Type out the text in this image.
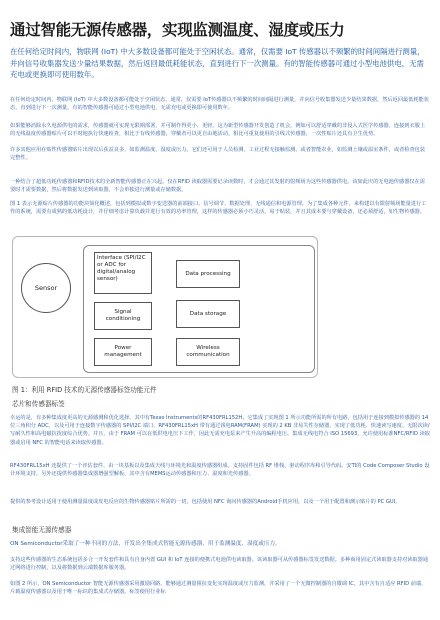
通过智能无源传感器，实现监测温度、湿度或压力

在任何给定时间内，物联网 (IoT) 中大多数设备都可能处于空闲状态。通常，仅需要 IoT 传感器以不频繁的时间间隔进行测量，并向信号收集器发送少量结果数据，然后返回最低耗能状态，直到进行下一次测量。有的智能传感器可通过小型电池供电，无需充电或更换即可使用数年。

在任何给定时间内，物联网 (IoT) 中大多数设备都可能处于空闲状态。通常，仅需要 IoT传感器以不频繁的时间间隔进行测量，并向信号收集器发送少量结果数据，然后返回最低耗能状态，直到进行下一次测量。有的智能传感器可通过小型电池供电，无需充电或更换即可使用数年。

如果能够消除永久电源供电的需求，传感器就可实现无限期部署，并可制作得更小、更轻。这为新型传感器开发创造了机会，例如可以舒适穿戴的非侵入式医学传感器。连接到衣服上的无线温度传感器贴片可以不时地执行快速检查，相比于有线传感器，穿戴者可以更自由地活动。相比可重复使用的引线式传感器，一次性贴片还具有卫生优势。

许多其他应用在贴性传感器贴片出现以后获益良多，如监测温度、湿度或压力。它们还可用于人员检测、工业过程无接触监测、或者智能农业，如监测土壤或温室条件，或者检查包装完整性。

一种结合了超低功耗传感器和RFID技术的全新智能传感器正在兴起。仅在RFID 读取器需要记录读数时，才会通过其发射的射频场为这些传感器供电。该如此庆的无电池传感器仅在需要时才需要数据，然后将数据发送到读取器，不会单独进行测量或存储数据。

图 1 表示无源贴片传感器的功能块简化概述，包括到模拟或数字变送器的前端接口、信号调节、数据处理、无线通信和电源管理。为了集成各种元件，来构建以有限射频场能量进行工作的系统，需要有成熟的低功耗设计，并仔细考虑计算负载并进行有效的功率管理。这样的传感器必须小巧灵活，易于贴装，并且其成本要与穿戴设备，还必须舒适，如生物传感器。

Sensor
Interface (SPI/I2C or ADC for digital/analog sensor)
Signal conditioning
Power management
Data processing
Data storage
Wireless communication
图 1：利用 RFID 技术的无源传感器标签功能元件
芯片和传感器标签

幸运的是，有多种集成度更高的无源感测和优化选择。其中有Texas Instruments的RF430FRL152H，它集成了实现图 1 所示功能所需的所有电路，包括用于连接到模拟传感器的 14 位三角积分 ADC，以及可用于连接数字传感器的 SPI/I2C 端口。RF430FRL15xH 带有通过钱电RAM(FRAM) 实现的 2 KB 非易失性存储器，实现了低功耗、快速读写速度、无限次读/写耐久性和高电磁抗扰度综合优势。并且，由于 FRAM 可以在低供电电压下工作，因此无需充电泵来产生升高的编程电压。集成无线电符合 ISO 15693，允许使用标准NFC/RFID 读取器或启用 NFC 的智能电话来读取传感器。

RF430FRL15xH 还提供了一个评估套件，由一块基板以及集成天线与环境光和温度传感器组成。支持固件包括 RF 堆栈、驱动程序库和引导代码。安TI的 Code Composer Studio 设计环境支持。另外还提供传感器集成器增强型解板，其中含有MEMS运动传感器和压力、温度和光传感器。

提供的参考设计适用于使用测量温度或皮电反应的生物传感器贴片所需的一切，包括使用 NFC 询问传感器的Android手机应用，以及一个用于配置和测示贴片的 PC GUI。

集成智能无源传感器

ON Semiconductor采取了一种不同的方法，开发出全集成式智能无源传感器，用于监测温度、湿度或压力。

支持这些传感器的生态系统包括多合一开发套件和具有自身内置 GUI 和 IoT 连接的便携式电池供电读取器。该读取器可从传感器标签发送数据。多种商用固定式读取器支持对读取器通过网络进行控制，以及将数据到云端数据库服务器。

如图 2 所示，ON Semiconductor 智能无源传感器采用激励回路，能够通过测量阻抗变化实现温度或压力监测，并采用了一个无微控制器的自微调 IC，其中含有自适应 RFID 前端、片载温度传感器以及用于唯一标识的集成式存储器。标签使用行业标
